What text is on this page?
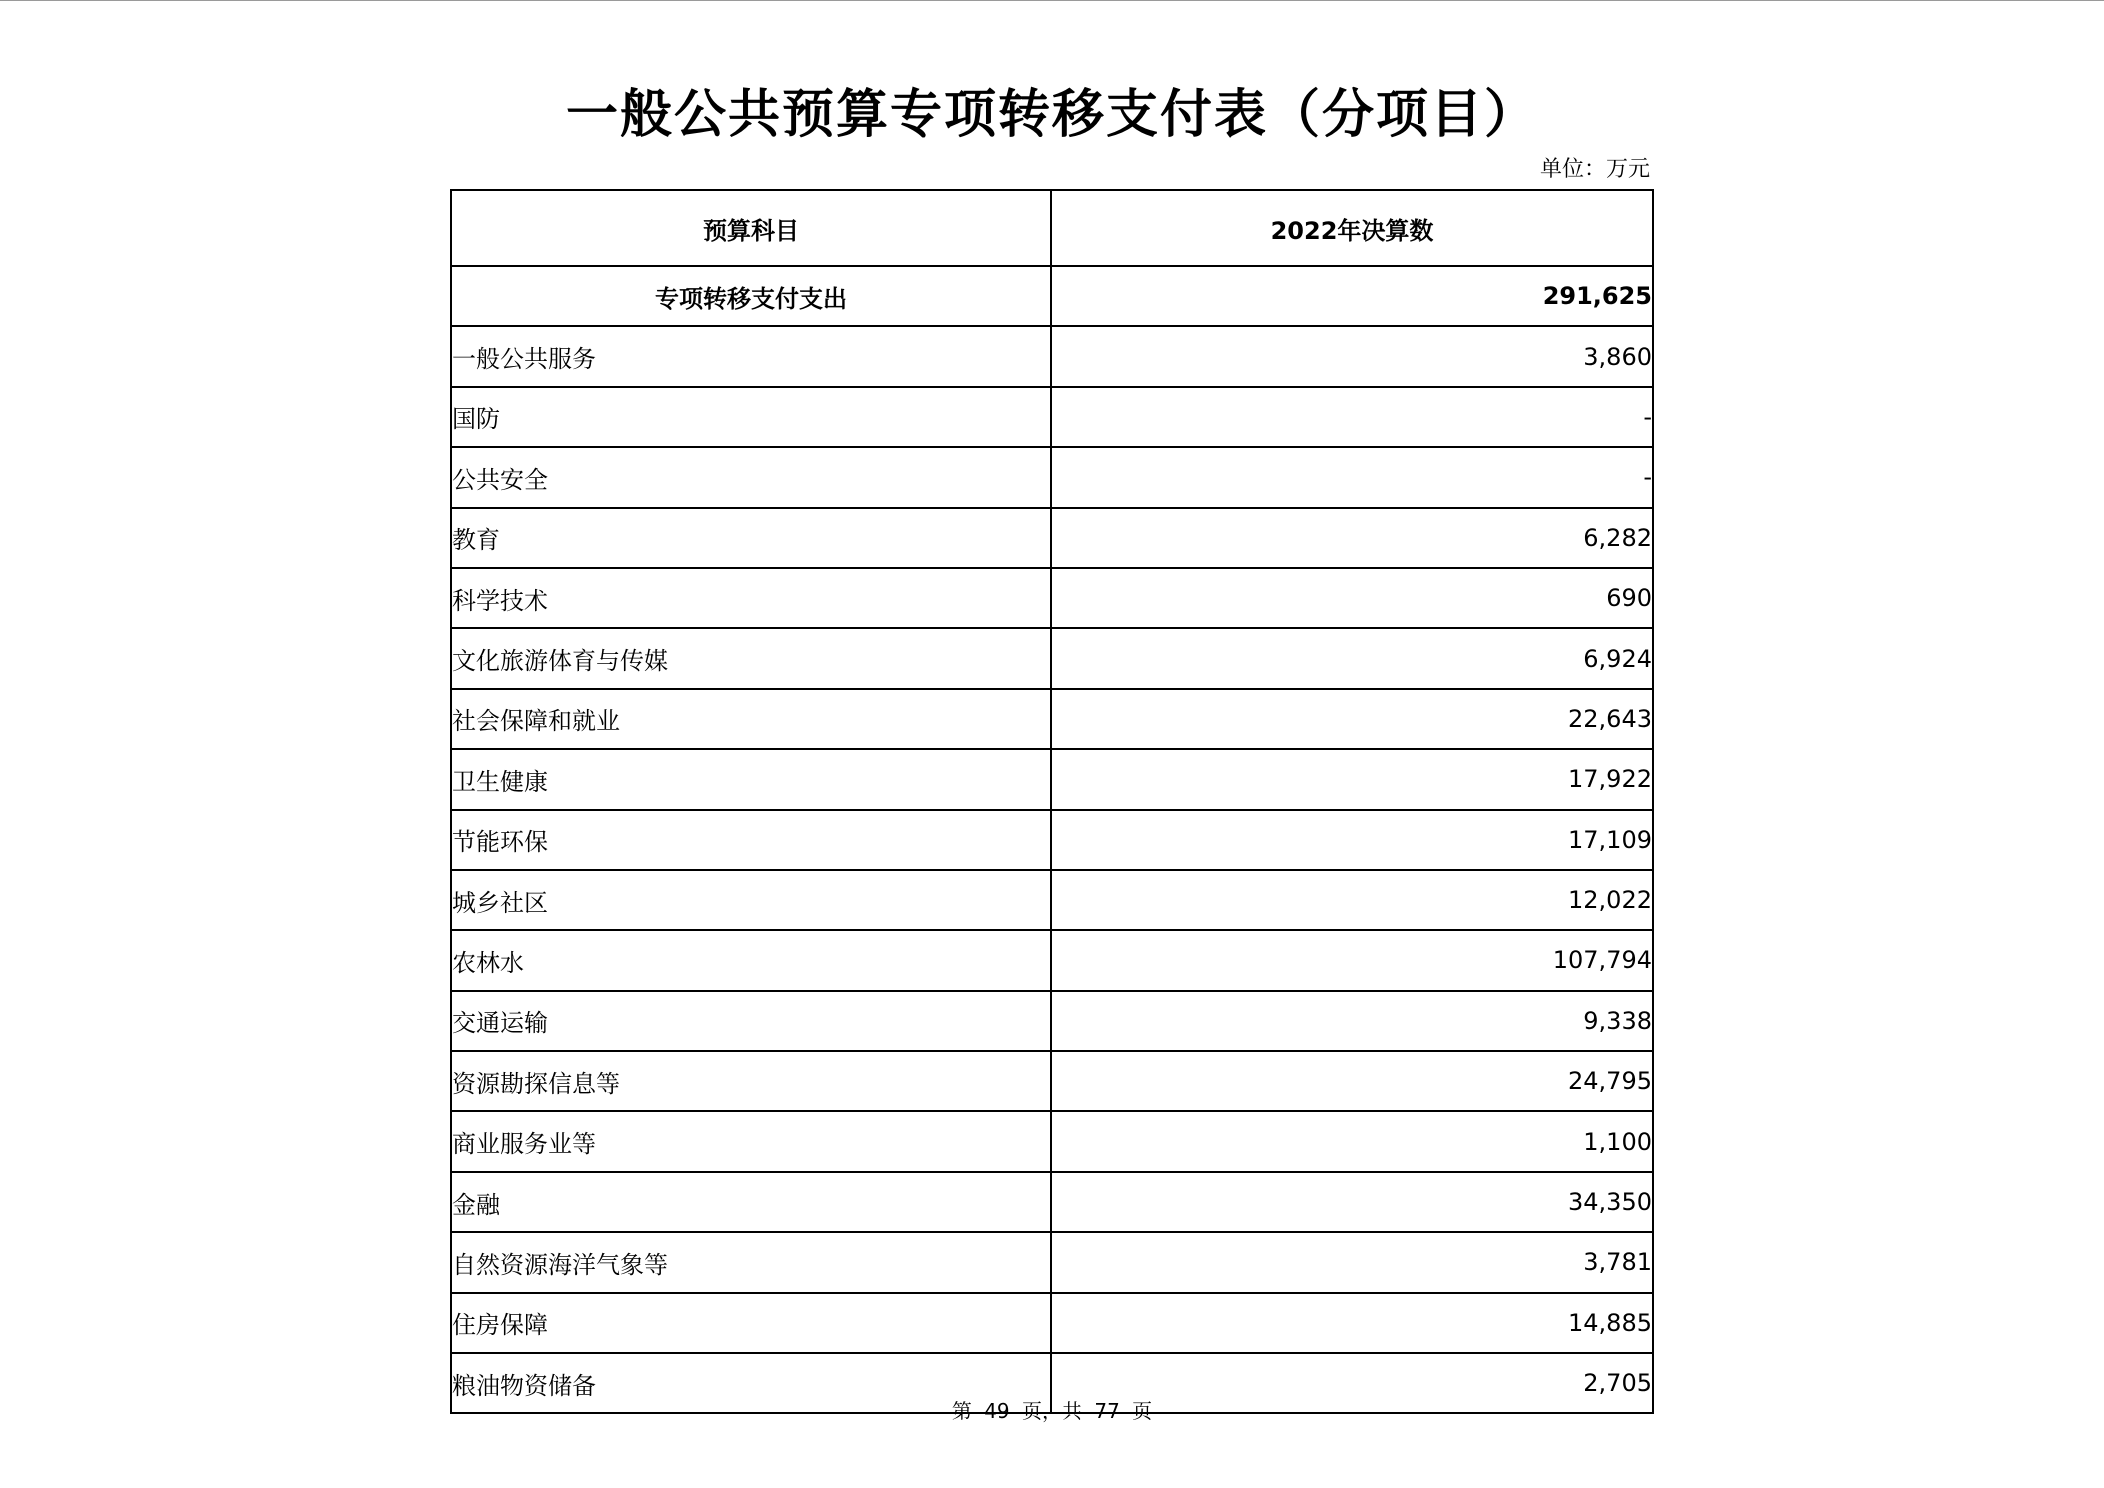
一般公共预算专项转移支付表（分项目）
单位：万元
预算科目	2022年决算数
专项转移支付支出	291,625
一般公共服务	3,860
国防	-
公共安全	-
教育	6,282
科学技术	690
文化旅游体育与传媒	6,924
社会保障和就业	22,643
卫生健康	17,922
节能环保	17,109
城乡社区	12,022
农林水	107,794
交通运输	9,338
资源勘探信息等	24,795
商业服务业等	1,100
金融	34,350
自然资源海洋气象等	3,781
住房保障	14,885
粮油物资储备	2,705
第 49 页，共 77 页
